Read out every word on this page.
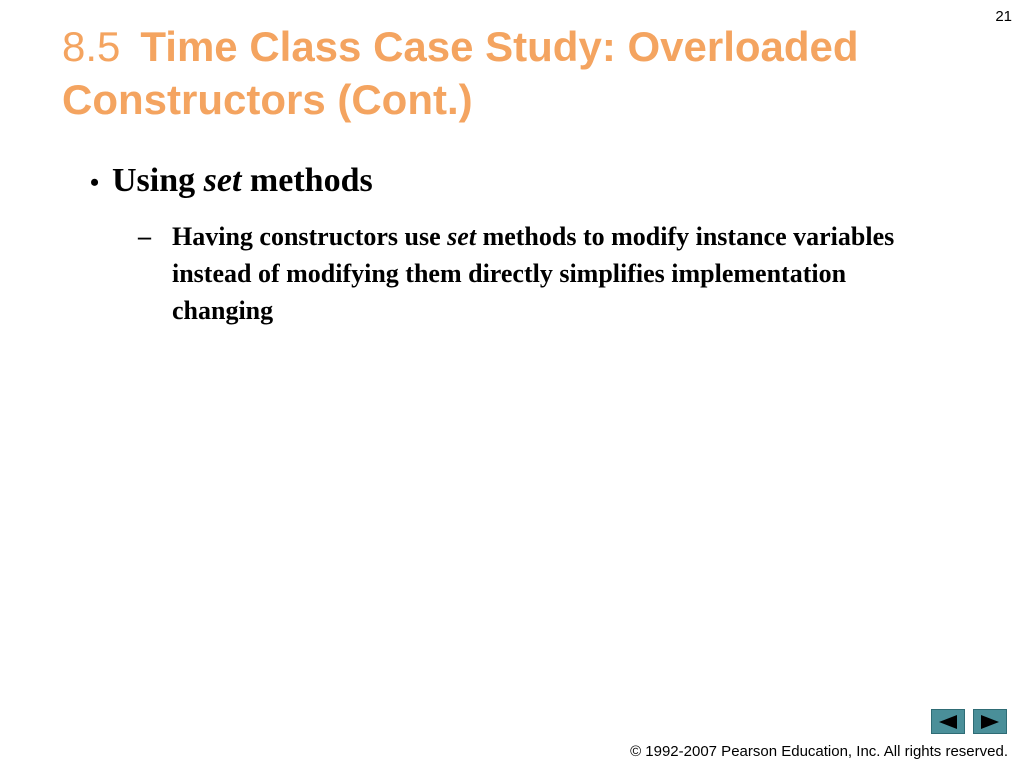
21
8.5 Time Class Case Study: Overloaded Constructors (Cont.)
• Using set methods
– Having constructors use set methods to modify instance variables instead of modifying them directly simplifies implementation changing
© 1992-2007 Pearson Education, Inc. All rights reserved.
